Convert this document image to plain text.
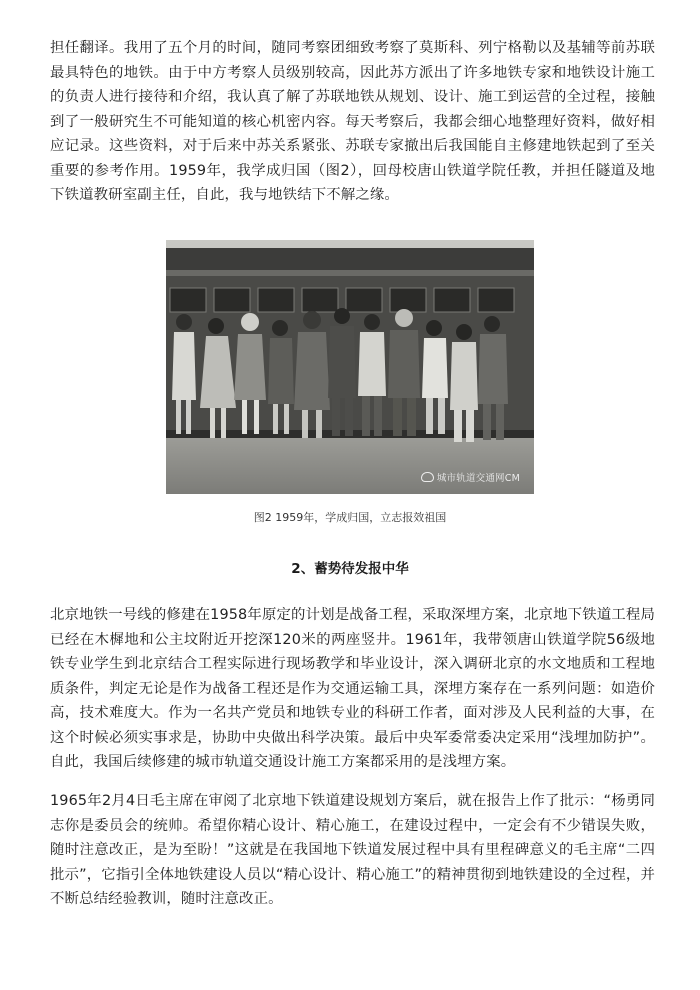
担任翻译。我用了五个月的时间，随同考察团细致考察了莫斯科、列宁格勒以及基辅等前苏联最具特色的地铁。由于中方考察人员级别较高，因此苏方派出了许多地铁专家和地铁设计施工的负责人进行接待和介绍，我认真了解了苏联地铁从规划、设计、施工到运营的全过程，接触到了一般研究生不可能知道的核心机密内容。每天考察后，我都会细心地整理好资料，做好相应记录。这些资料，对于后来中苏关系紧张、苏联专家撤出后我国能自主修建地铁起到了至关重要的参考作用。1959年，我学成归国（图2），回母校唐山铁道学院任教，并担任隧道及地下铁道教研室副主任，自此，我与地铁结下不解之缘。

城市轨道交通网CM
图2 1959年，学成归国，立志报效祖国
2、蓄势待发报中华

北京地铁一号线的修建在1958年原定的计划是战备工程，采取深埋方案，北京地下铁道工程局已经在木樨地和公主坟附近开挖深120米的两座竖井。1961年，我带领唐山铁道学院56级地铁专业学生到北京结合工程实际进行现场教学和毕业设计，深入调研北京的水文地质和工程地质条件，判定无论是作为战备工程还是作为交通运输工具，深埋方案存在一系列问题：如造价高，技术难度大。作为一名共产党员和地铁专业的科研工作者，面对涉及人民利益的大事，在这个时候必须实事求是，协助中央做出科学决策。最后中央军委常委决定采用“浅埋加防护”。自此，我国后续修建的城市轨道交通设计施工方案都采用的是浅埋方案。

1965年2月4日毛主席在审阅了北京地下铁道建设规划方案后，就在报告上作了批示：“杨勇同志你是委员会的统帅。希望你精心设计、精心施工，在建设过程中，一定会有不少错误失败，随时注意改正，是为至盼！”这就是在我国地下铁道发展过程中具有里程碑意义的毛主席“二四批示”，它指引全体地铁建设人员以“精心设计、精心施工”的精神贯彻到地铁建设的全过程，并不断总结经验教训，随时注意改正。
